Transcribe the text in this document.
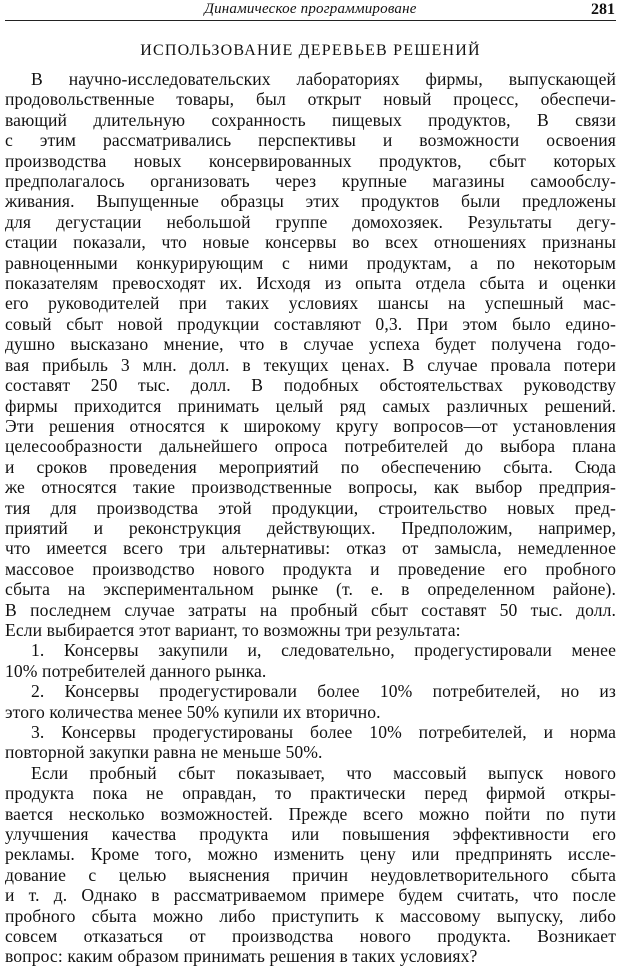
Динамическое программироване	281
ИСПОЛЬЗОВАНИЕ ДЕРЕВЬЕВ РЕШЕНИЙ
В научно-исследовательских лабораториях фирмы, выпускающей
продовольственные товары, был открыт новый процесс, обеспечи-
вающий длительную сохранность пищевых продуктов, В связи
с этим рассматривались перспективы и возможности освоения
производства новых консервированных продуктов, сбыт которых
предполагалось организовать через крупные магазины самообслу-
живания. Выпущенные образцы этих продуктов были предложены
для дегустации небольшой группе домохозяек. Результаты дегу-
стации показали, что новые консервы во всех отношениях признаны
равноценными конкурирующим с ними продуктам, а по некоторым
показателям превосходят их. Исходя из опыта отдела сбыта и оценки
его руководителей при таких условиях шансы на успешный мас-
совый сбыт новой продукции составляют 0,3. При этом было едино-
душно высказано мнение, что в случае успеха будет получена годо-
вая прибыль 3 млн. долл. в текущих ценах. В случае провала потери
составят 250 тыс. долл. В подобных обстоятельствах руководству
фирмы приходится принимать целый ряд самых различных решений.
Эти решения относятся к широкому кругу вопросов—от установления
целесообразности дальнейшего опроса потребителей до выбора плана
и сроков проведения мероприятий по обеспечению сбыта. Сюда
же относятся такие производственные вопросы, как выбор предприя-
тия для производства этой продукции, строительство новых пред-
приятий и реконструкция действующих. Предположим, например,
что имеется всего три альтернативы: отказ от замысла, немедленное
массовое производство нового продукта и проведение его пробного
сбыта на экспериментальном рынке (т. е. в определенном районе).
В последнем случае затраты на пробный сбыт составят 50 тыс. долл.
Если выбирается этот вариант, то возможны три результата:
1. Консервы закупили и, следовательно, продегустировали менее
10% потребителей данного рынка.
2. Консервы продегустировали более 10% потребителей, но из
этого количества менее 50% купили их вторично.
3. Консервы продегустированы более 10% потребителей, и норма
повторной закупки равна не меньше 50%.
Если пробный сбыт показывает, что массовый выпуск нового
продукта пока не оправдан, то практически перед фирмой откры-
вается несколько возможностей. Прежде всего можно пойти по пути
улучшения качества продукта или повышения эффективности его
рекламы. Кроме того, можно изменить цену или предпринять иссле-
дование с целью выяснения причин неудовлетворительного сбыта
и т. д. Однако в рассматриваемом примере будем считать, что после
пробного сбыта можно либо приступить к массовому выпуску, либо
совсем отказаться от производства нового продукта. Возникает
вопрос: каким образом принимать решения в таких условиях?
